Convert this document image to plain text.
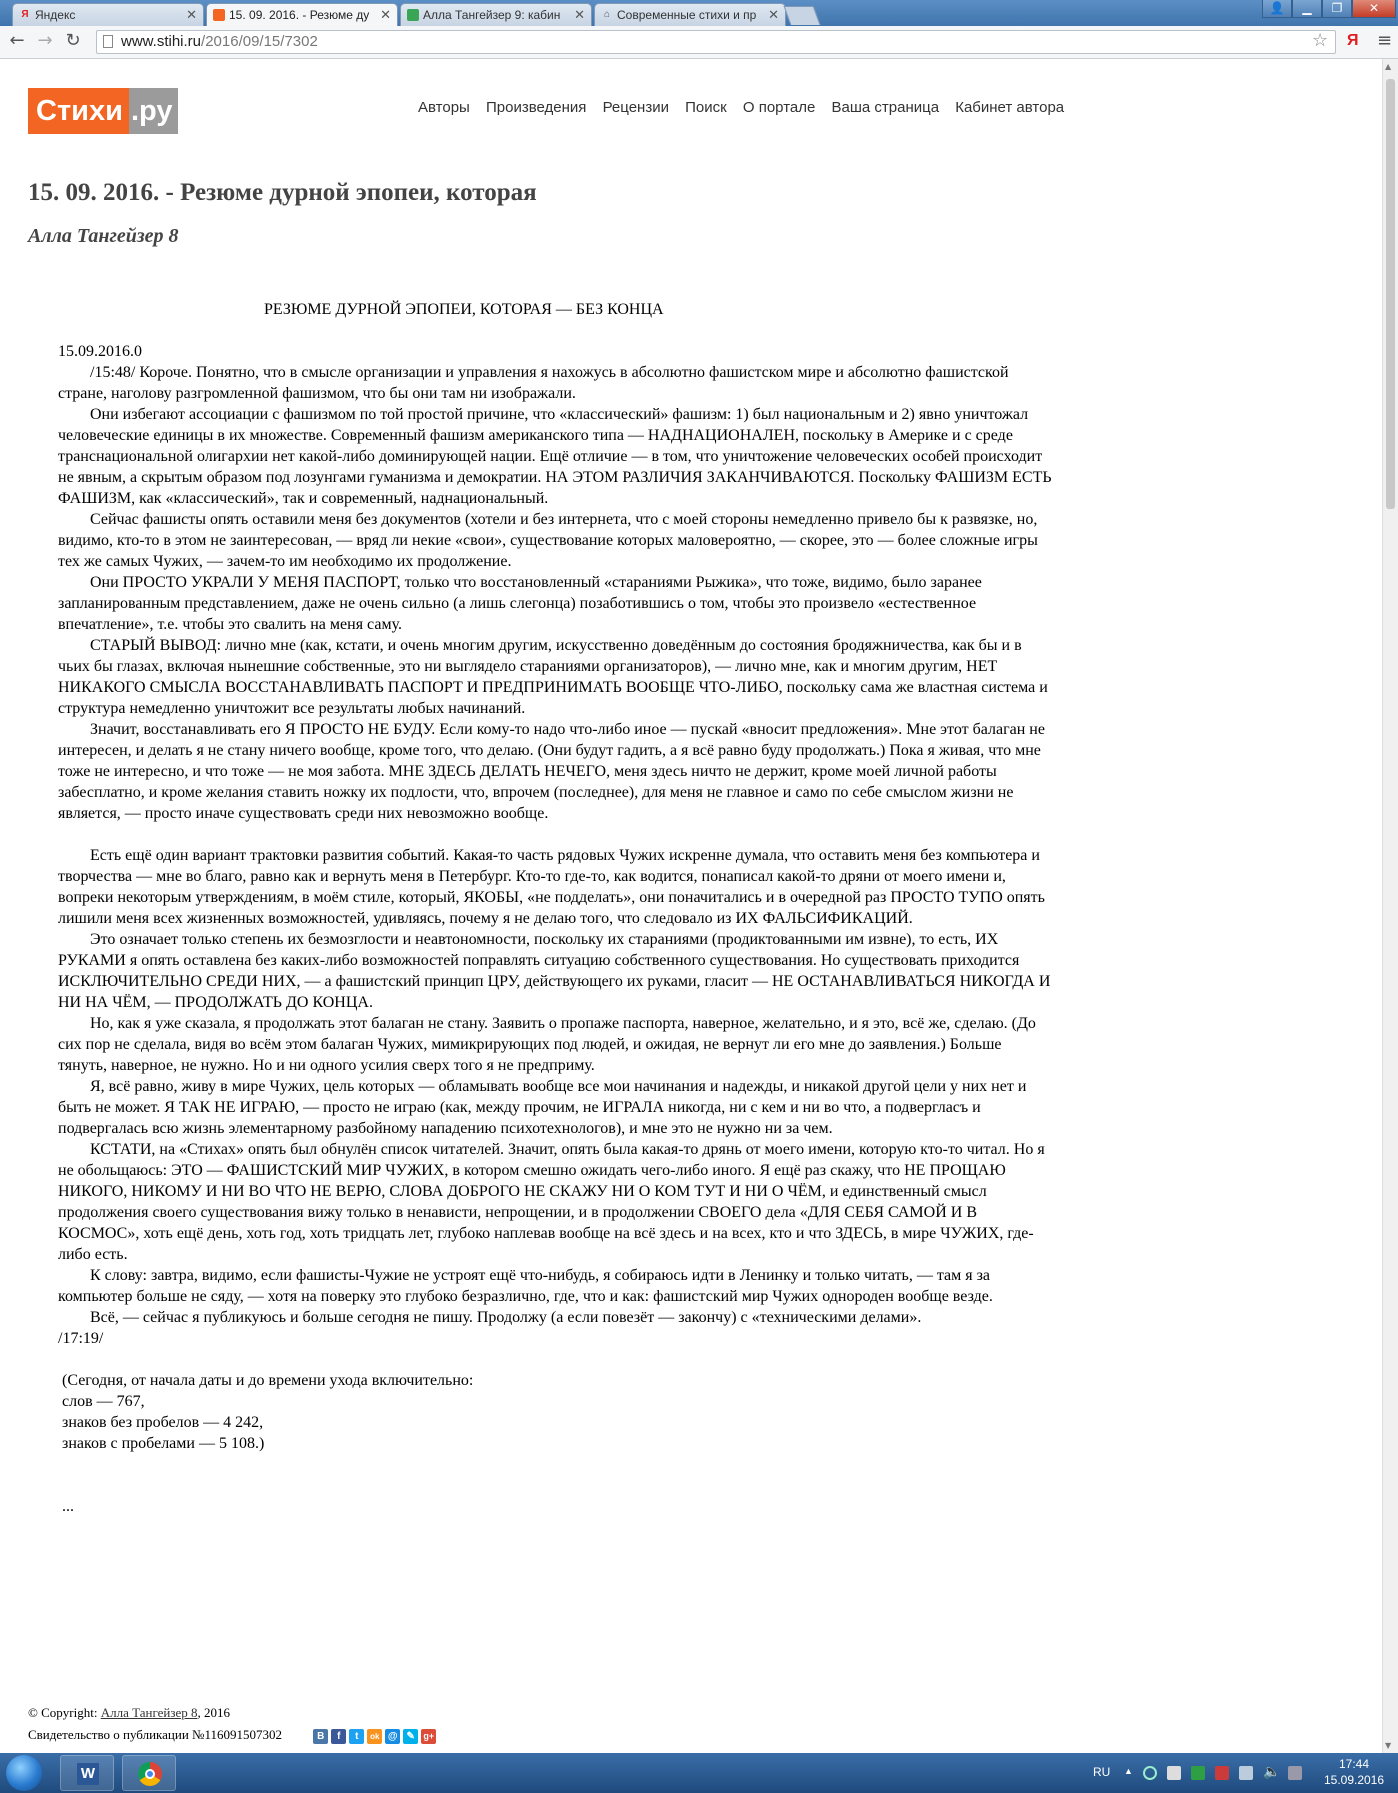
Я Яндекс	✕	15. 09. 2016. - Резюме ду ✕	Алла Тангейзер 9: кабин ✕ ⌂ Современные стихи и пр ✕	👤	▁	❐	✕
← → ↻	www.stihi.ru/2016/09/15/7302	☆ Я ≡
Стихи .ру	Авторы Произведения Рецензии Поиск О портале Ваша страница Кабинет автора
15. 09. 2016. - Резюме дурной эпопеи, которая
Алла Тангейзер 8
РЕЗЮМЕ ДУРНОЙ ЭПОПЕИ, КОТОРАЯ — БЕЗ КОНЦА

15.09.2016.0

/15:48/ Короче. Понятно, что в смысле организации и управления я нахожусь в абсолютно фашистском мире и абсолютно фашистской стране, наголову разгромленной фашизмом, что бы они там ни изображали.

Они избегают ассоциации с фашизмом по той простой причине, что «классический» фашизм: 1) был национальным и 2) явно уничтожал человеческие единицы в их множестве. Современный фашизм американского типа — НАДНАЦИОНАЛЕН, поскольку в Америке и с среде транснациональной олигархии нет какой-либо доминирующей нации. Ещё отличие — в том, что уничтожение человеческих особей происходит не явным, а скрытым образом под лозунгами гуманизма и демократии. НА ЭТОМ РАЗЛИЧИЯ ЗАКАНЧИВАЮТСЯ. Поскольку ФАШИЗМ ЕСТЬ ФАШИЗМ, как «классический», так и современный, наднациональный.

Сейчас фашисты опять оставили меня без документов (хотели и без интернета, что с моей стороны немедленно привело бы к развязке, но, видимо, кто-то в этом не заинтересован, — вряд ли некие «свои», существование которых маловероятно, — скорее, это — более сложные игры тех же самых Чужих, — зачем-то им необходимо их продолжение.

Они ПРОСТО УКРАЛИ У МЕНЯ ПАСПОРТ, только что восстановленный «стараниями Рыжика», что тоже, видимо, было заранее запланированным представлением, даже не очень сильно (а лишь слегонца) позаботившись о том, чтобы это произвело «естественное впечатление», т.е. чтобы это свалить на меня саму.

СТАРЫЙ ВЫВОД: лично мне (как, кстати, и очень многим другим, искусственно доведённым до состояния бродяжничества, как бы и в чьих бы глазах, включая нынешние собственные, это ни выглядело стараниями организаторов), — лично мне, как и многим другим, НЕТ НИКАКОГО СМЫСЛА ВОССТАНАВЛИВАТЬ ПАСПОРТ И ПРЕДПРИНИМАТЬ ВООБЩЕ ЧТО-ЛИБО, поскольку сама же властная система и структура немедленно уничтожит все результаты любых начинаний.

Значит, восстанавливать его Я ПРОСТО НЕ БУДУ. Если кому-то надо что-либо иное — пускай «вносит предложения». Мне этот балаган не интересен, и делать я не стану ничего вообще, кроме того, что делаю. (Они будут гадить, а я всё равно буду продолжать.) Пока я живая, что мне тоже не интересно, и что тоже — не моя забота. МНЕ ЗДЕСЬ ДЕЛАТЬ НЕЧЕГО, меня здесь ничто не держит, кроме моей личной работы забесплатно, и кроме желания ставить ножку их подлости, что, впрочем (последнее), для меня не главное и само по себе смыслом жизни не является, — просто иначе существовать среди них невозможно вообще.

Есть ещё один вариант трактовки развития событий. Какая-то часть рядовых Чужих искренне думала, что оставить меня без компьютера и творчества — мне во благо, равно как и вернуть меня в Петербург. Кто-то где-то, как водится, понаписал какой-то дряни от моего имени и, вопреки некоторым утверждениям, в моём стиле, который, ЯКОБЫ, «не подделать», они поначитались и в очередной раз ПРОСТО ТУПО опять лишили меня всех жизненных возможностей, удивляясь, почему я не делаю того, что следовало из ИХ ФАЛЬСИФИКАЦИЙ.

Это означает только степень их безмозглости и неавтономности, поскольку их стараниями (продиктованными им извне), то есть, ИХ РУКАМИ я опять оставлена без каких-либо возможностей поправлять ситуацию собственного существования. Но существовать приходится ИСКЛЮЧИТЕЛЬНО СРЕДИ НИХ, — а фашистский принцип ЦРУ, действующего их руками, гласит — НЕ ОСТАНАВЛИВАТЬСЯ НИКОГДА И НИ НА ЧЁМ, — ПРОДОЛЖАТЬ ДО КОНЦА.

Но, как я уже сказала, я продолжать этот балаган не стану. Заявить о пропаже паспорта, наверное, желательно, и я это, всё же, сделаю. (До сих пор не сделала, видя во всём этом балаган Чужих, мимикрирующих под людей, и ожидая, не вернут ли его мне до заявления.) Больше тянуть, наверное, не нужно. Но и ни одного усилия сверх того я не предприму.

Я, всё равно, живу в мире Чужих, цель которых — обламывать вообще все мои начинания и надежды, и никакой другой цели у них нет и быть не может. Я ТАК НЕ ИГРАЮ, — просто не играю (как, между прочим, не ИГРАЛА никогда, ни с кем и ни во что, а подвергласъ и подвергалась всю жизнь элементарному разбойному нападению психотехнологов), и мне это не нужно ни за чем.

КСТАТИ, на «Стихах» опять был обнулён список читателей. Значит, опять была какая-то дрянь от моего имени, которую кто-то читал. Но я не обольщаюсь: ЭТО — ФАШИСТСКИЙ МИР ЧУЖИХ, в котором смешно ожидать чего-либо иного. Я ещё раз скажу, что НЕ ПРОЩАЮ НИКОГО, НИКОМУ И НИ ВО ЧТО НЕ ВЕРЮ, СЛОВА ДОБРОГО НЕ СКАЖУ НИ О КОМ ТУТ И НИ О ЧЁМ, и единственный смысл продолжения своего существования вижу только в ненависти, непрощении, и в продолжении СВОЕГО дела «ДЛЯ СЕБЯ САМОЙ И В КОСМОС», хоть ещё день, хоть год, хоть тридцать лет, глубоко наплевав вообще на всё здесь и на всех, кто и что ЗДЕСЬ, в мире ЧУЖИХ, где-либо есть.

К слову: завтра, видимо, если фашисты-Чужие не устроят ещё что-нибудь, я собираюсь идти в Ленинку и только читать, — там я за компьютер больше не сяду, — хотя на поверку это глубоко безразлично, где, что и как: фашистский мир Чужих однороден вообще везде.

Всё, — сейчас я публикуюсь и больше сегодня не пишу. Продолжу (а если повезёт — закончу) с «техническими делами».

/17:19/

(Сегодня, от начала даты и до времени ухода включительно:
слов — 767,
знаков без пробелов — 4 242,
знаков с пробелами — 5 108.)
...
© Copyright: Алла Тангейзер 8, 2016
Свидетельство о публикации №116091507302	В	f	t	ok @ ✎ g+
▲
▼
W	RU ▲	🔈	17:44
15.09.2016
